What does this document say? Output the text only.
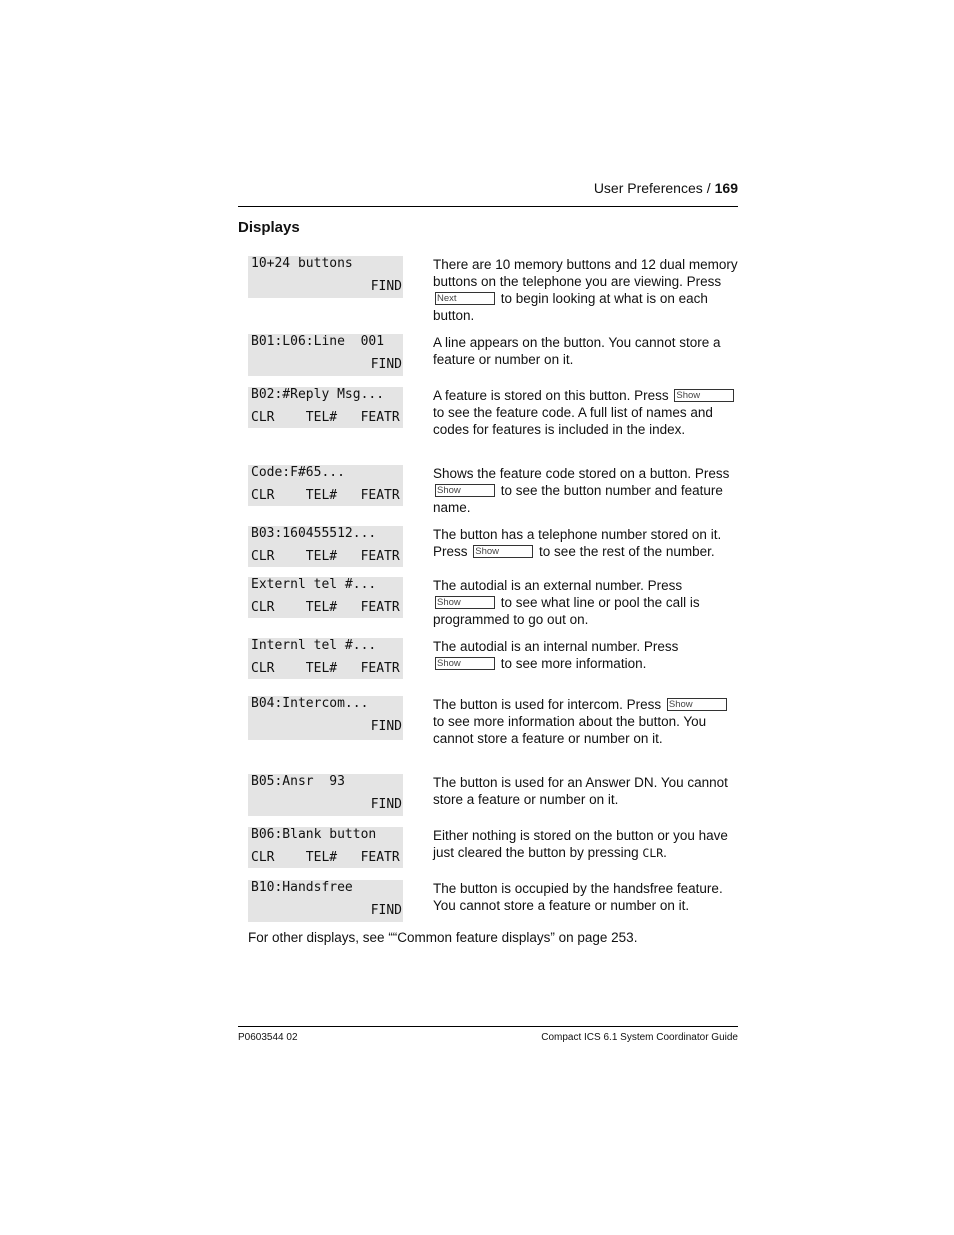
User Preferences / 169
Displays
10+24 buttons
FIND
There are 10 memory buttons and 12 dual memory buttons on the telephone you are viewing. Press Next	to begin looking at what is on each button.
B01:L06:Line  001
FIND
A line appears on the button. You cannot store a feature or number on it.
B02:#Reply Msg...
CLR    TEL#   FEATR
A feature is stored on this button. Press Show to see the feature code. A full list of names and codes for features is included in the index.
Code:F#65...
CLR    TEL#   FEATR
Shows the feature code stored on a button. Press Show	to see the button number and feature name.
B03:160455512...
CLR    TEL#   FEATR
The button has a telephone number stored on it. Press Show	to see the rest of the number.
Externl tel #...
CLR    TEL#   FEATR
The autodial is an external number. Press Show	to see what line or pool the call is programmed to go out on.
Internl tel #...
CLR    TEL#   FEATR
The autodial is an internal number. Press Show	to see more information.
B04:Intercom...
FIND
The button is used for intercom. Press Show to see more information about the button. You cannot store a feature or number on it.
B05:Ansr  93
FIND
The button is used for an Answer DN. You cannot store a feature or number on it.
B06:Blank button
CLR    TEL#   FEATR
Either nothing is stored on the button or you have just cleared the button by pressing CLR.
B10:Handsfree
FIND
The button is occupied by the handsfree feature. You cannot store a feature or number on it.
For other displays, see ““Common feature displays” on page 253.
P0603544 02	Compact ICS 6.1 System Coordinator Guide
